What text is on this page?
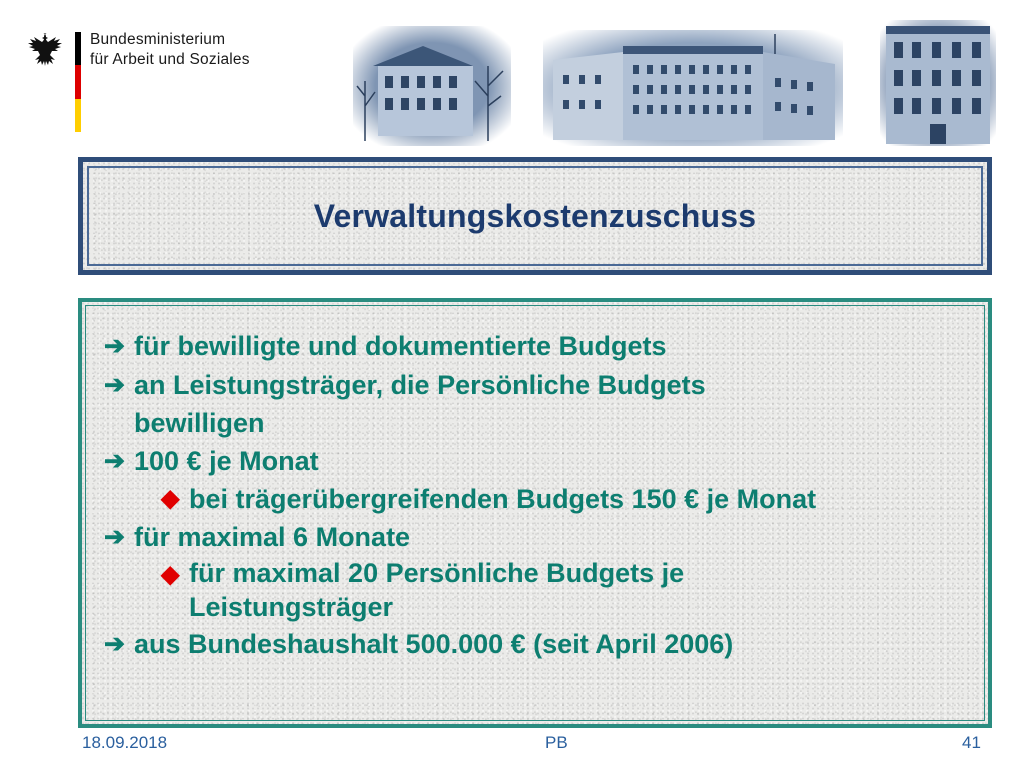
Bundesministerium
für Arbeit und Soziales
Verwaltungskostenzuschuss
➔ für bewilligte und dokumentierte Budgets
➔ an Leistungsträger, die Persönliche Budgets
bewilligen
➔ 100 € je Monat
◆ bei trägerübergreifenden Budgets 150 € je Monat
➔ für maximal 6 Monate
◆ für maximal 20 Persönliche Budgets je
Leistungsträger
➔ aus Bundeshaushalt 500.000 € (seit April 2006)
18.09.2018	PB	41
